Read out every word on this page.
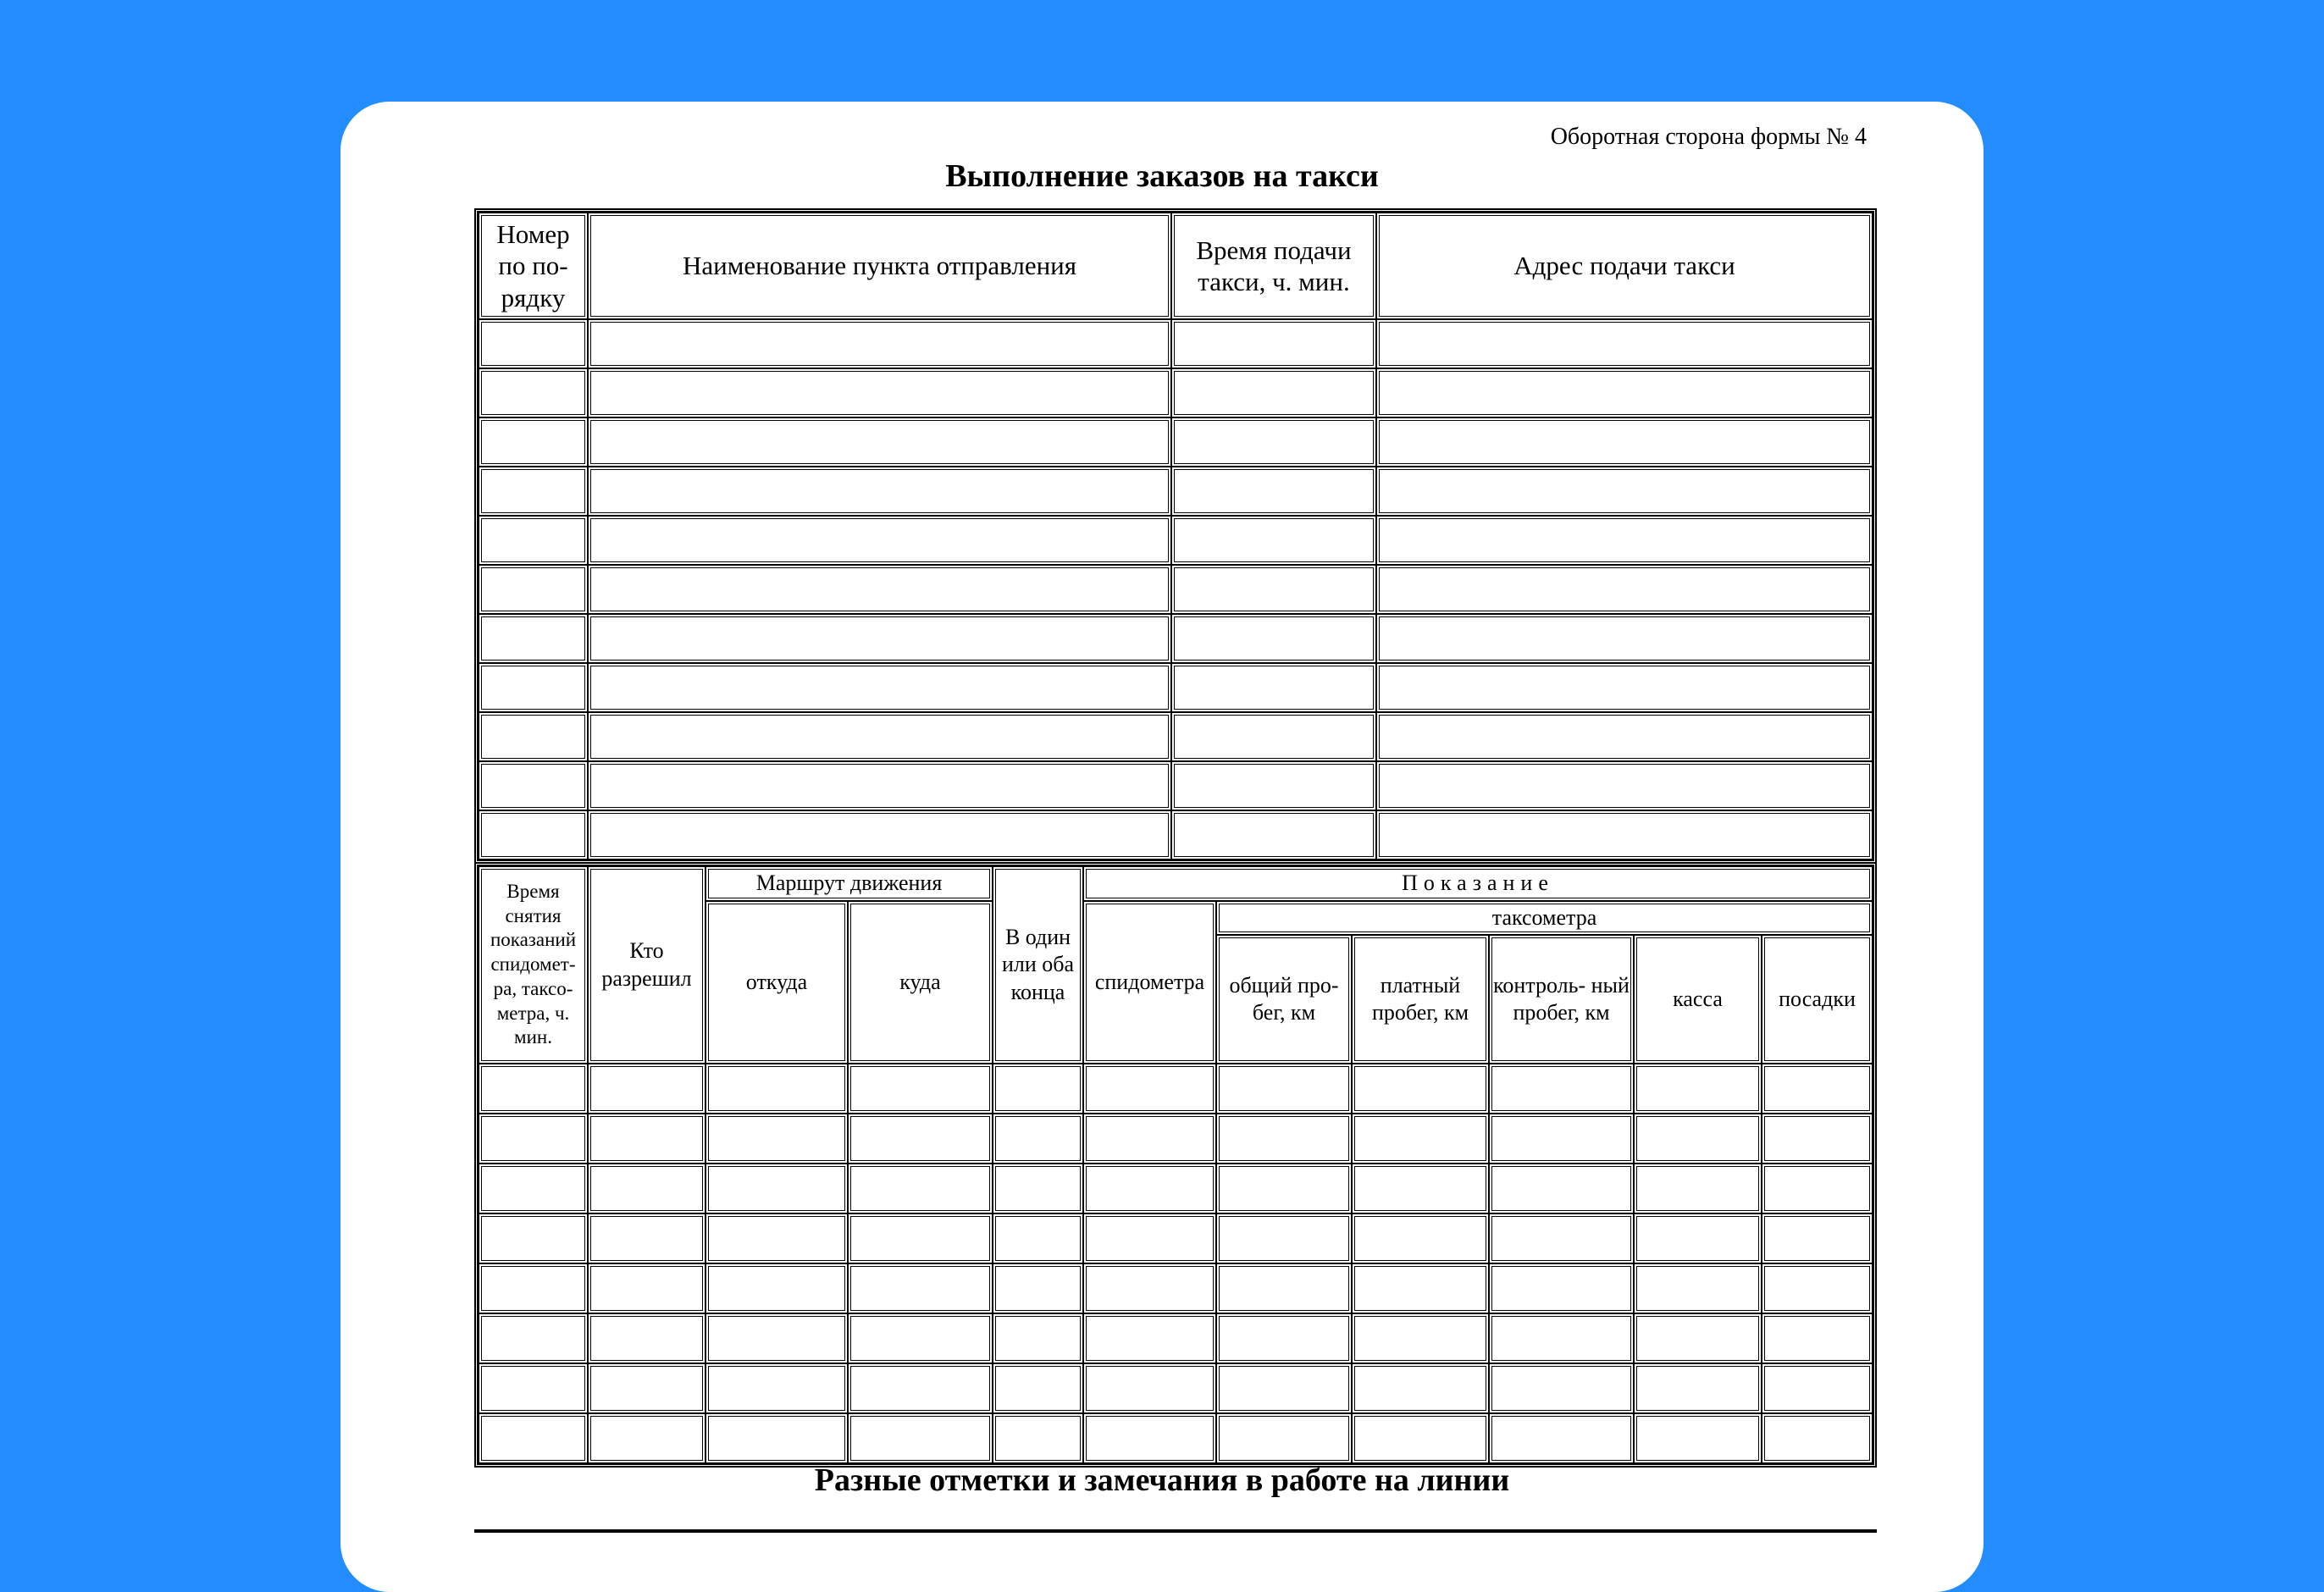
Оборотная сторона формы № 4
Выполнение заказов на такси
Номер по по- рядку	Наименование пункта отправления	Время подачи такси, ч. мин.	Адрес подачи такси

Время снятия показаний спидомет- ра, таксо- метра, ч. мин.	Кто разрешил	Маршрут движения		В один или оба конца	Показание					
		откуда	куда		спидометра	таксометра				
						общий про- бег, км	платный пробег, км	контроль- ный пробег, км	касса	посадки

Разные отметки и замечания в работе на линии
